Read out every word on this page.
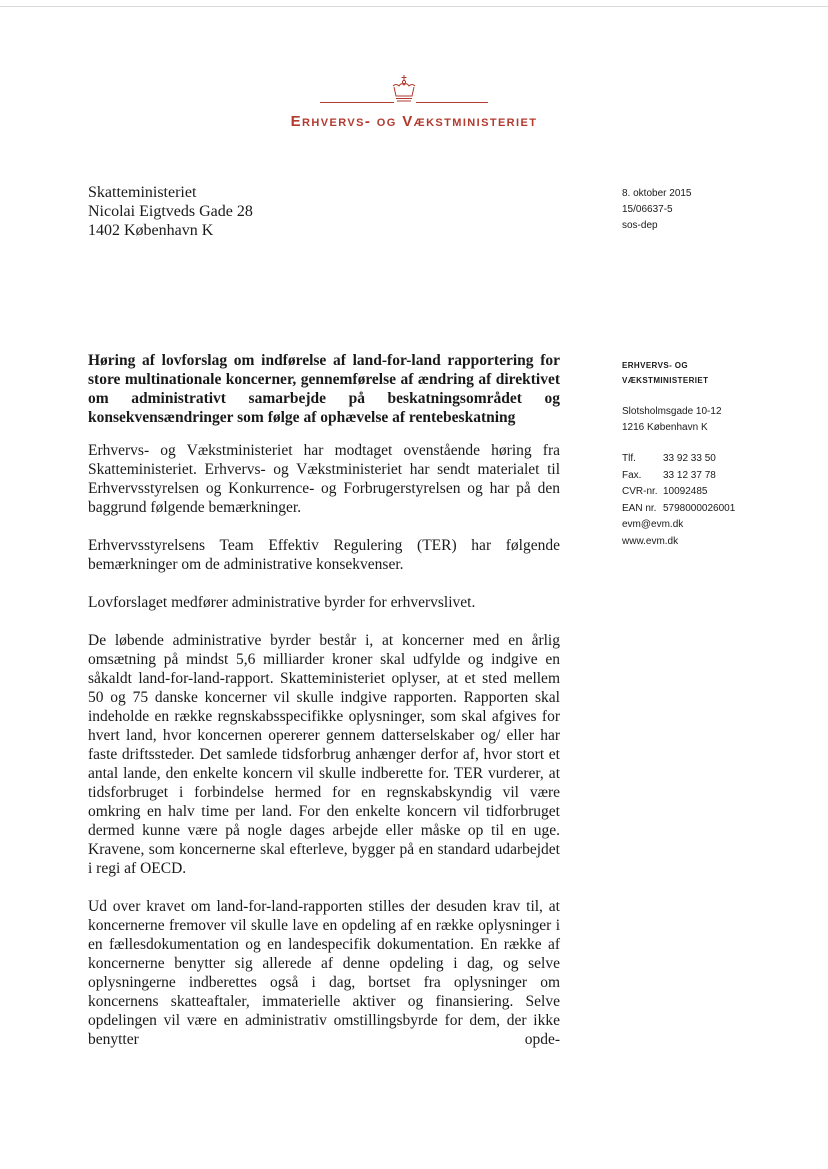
Erhvervs- og Vækstministeriet
Skatteministeriet
Nicolai Eigtveds Gade 28
1402 København K
8. oktober 2015
15/06637-5
sos-dep
ERHVERVS- OG
VÆKSTMINISTERIET
Slotsholmsgade 10-12
1216 København K
Tlf.	33 92 33 50
Fax. 33 12 37 78
CVR-nr. 10092485
EAN nr. 5798000026001
evm@evm.dk
www.evm.dk
Høring af lovforslag om indførelse af land-for-land rapportering for store multinationale koncerner, gennemførelse af ændring af direktivet om administrativt samarbejde på beskatningsområdet og konsekvensændringer som følge af ophævelse af rentebeskatning

Erhvervs- og Vækstministeriet har modtaget ovenstående høring fra Skatteministeriet. Erhvervs- og Vækstministeriet har sendt materialet til Erhvervsstyrelsen og Konkurrence- og Forbrugerstyrelsen og har på den baggrund følgende bemærkninger.

Erhvervsstyrelsens Team Effektiv Regulering (TER) har følgende bemærkninger om de administrative konsekvenser.

Lovforslaget medfører administrative byrder for erhvervslivet.

De løbende administrative byrder består i, at koncerner med en årlig omsætning på mindst 5,6 milliarder kroner skal udfylde og indgive en såkaldt land-for-land-rapport. Skatteministeriet oplyser, at et sted mellem 50 og 75 danske koncerner vil skulle indgive rapporten. Rapporten skal indeholde en række regnskabsspecifikke oplysninger, som skal afgives for hvert land, hvor koncernen opererer gennem datterselskaber og/ eller har faste driftssteder. Det samlede tidsforbrug anhænger derfor af, hvor stort et antal lande, den enkelte koncern vil skulle indberette for. TER vurderer, at tidsforbruget i forbindelse hermed for en regnskabskyndig vil være omkring en halv time per land. For den enkelte koncern vil tidforbruget dermed kunne være på nogle dages arbejde eller måske op til en uge. Kravene, som koncernerne skal efterleve, bygger på en standard udarbejdet i regi af OECD.

Ud over kravet om land-for-land-rapporten stilles der desuden krav til, at koncernerne fremover vil skulle lave en opdeling af en række oplysninger i en fællesdokumentation og en landespecifik dokumentation. En række af koncernerne benytter sig allerede af denne opdeling i dag, og selve oplysningerne indberettes også i dag, bortset fra oplysninger om koncernens skatteaftaler, immaterielle aktiver og finansiering. Selve opdelingen vil være en administrativ omstillingsbyrde for dem, der ikke benytter opde-
